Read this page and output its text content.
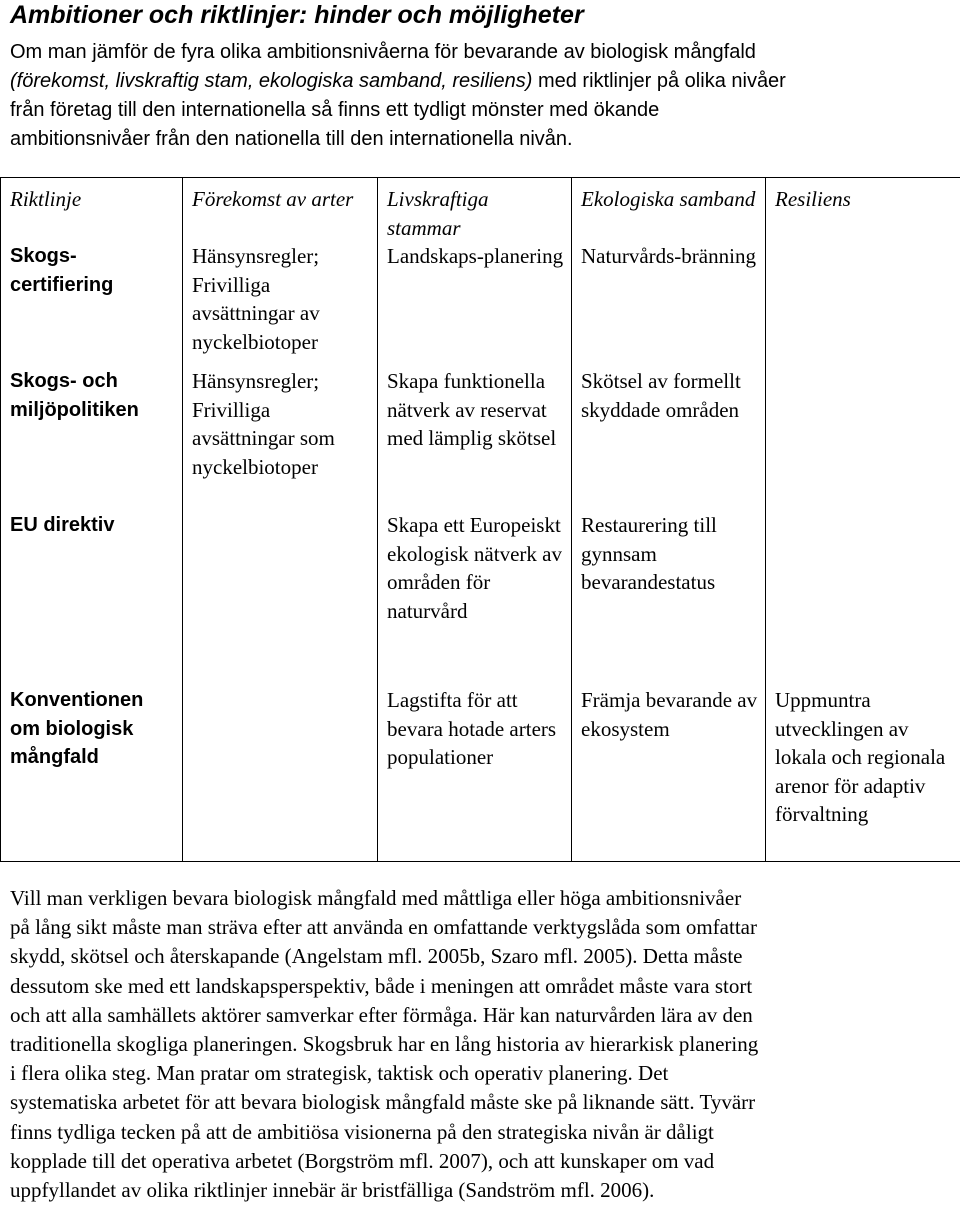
Ambitioner och riktlinjer: hinder och möjligheter

Om man jämför de fyra olika ambitionsnivåerna för bevarande av biologisk mångfald
(förekomst, livskraftig stam, ekologiska samband, resiliens) med riktlinjer på olika nivåer
från företag till den internationella så finns ett tydligt mönster med ökande
ambitionsnivåer från den nationella till den internationella nivån.

Riktlinje	Förekomst av arter	Livskraftiga stammar	Ekologiska samband	Resiliens
Skogs-certifiering	Hänsynsregler; Frivilliga avsättningar av nyckelbiotoper	Landskaps-planering	Naturvårds-bränning	
Skogs- och miljöpolitiken	Hänsynsregler; Frivilliga avsättningar som nyckelbiotoper	Skapa funktionella nätverk av reservat med lämplig skötsel	Skötsel av formellt skyddade områden	
EU direktiv		Skapa ett Europeiskt ekologisk nätverk av områden för naturvård	Restaurering till gynnsam bevarandestatus	
Konventionen om biologisk mångfald		Lagstifta för att bevara hotade arters populationer	Främja bevarande av ekosystem	Uppmuntra utvecklingen av lokala och regionala arenor för adaptiv förvaltning

Vill man verkligen bevara biologisk mångfald med måttliga eller höga ambitionsnivåer
på lång sikt måste man sträva efter att använda en omfattande verktygslåda som omfattar
skydd, skötsel och återskapande (Angelstam mfl. 2005b, Szaro mfl. 2005). Detta måste
dessutom ske med ett landskapsperspektiv, både i meningen att området måste vara stort
och att alla samhällets aktörer samverkar efter förmåga. Här kan naturvården lära av den
traditionella skogliga planeringen. Skogsbruk har en lång historia av hierarkisk planering
i flera olika steg. Man pratar om strategisk, taktisk och operativ planering. Det
systematiska arbetet för att bevara biologisk mångfald måste ske på liknande sätt. Tyvärr
finns tydliga tecken på att de ambitiösa visionerna på den strategiska nivån är dåligt
kopplade till det operativa arbetet (Borgström mfl. 2007), och att kunskaper om vad
uppfyllandet av olika riktlinjer innebär är bristfälliga (Sandström mfl. 2006).
